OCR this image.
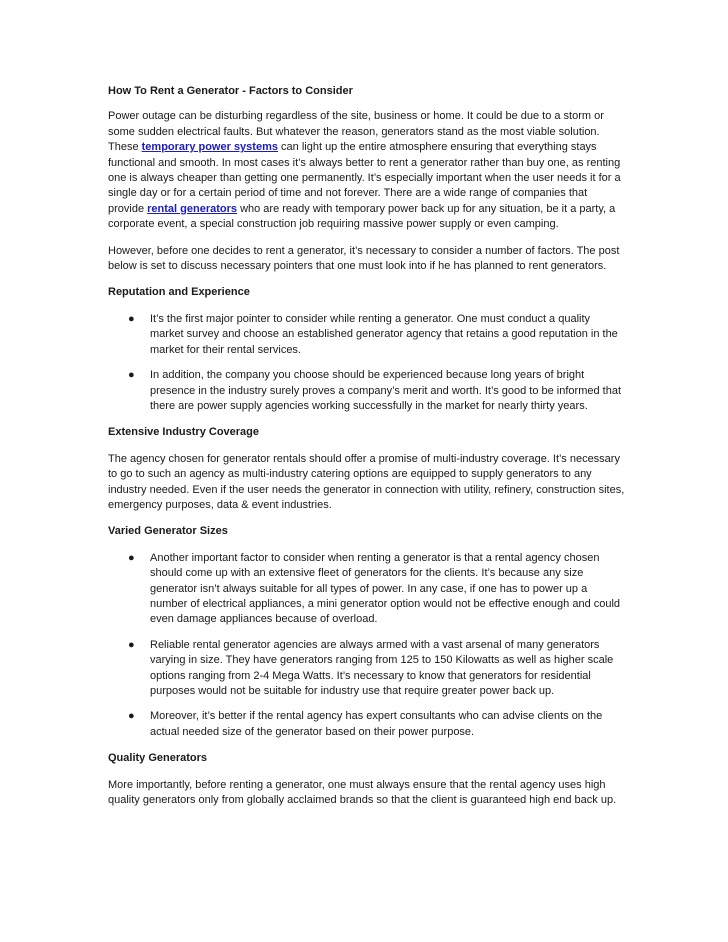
How To Rent a Generator - Factors to Consider

Power outage can be disturbing regardless of the site, business or home. It could be due to a storm or some sudden electrical faults. But whatever the reason, generators stand as the most viable solution. These temporary power systems can light up the entire atmosphere ensuring that everything stays functional and smooth. In most cases it’s always better to rent a generator rather than buy one, as renting one is always cheaper than getting one permanently. It’s especially important when the user needs it for a single day or for a certain period of time and not forever. There are a wide range of companies that provide rental generators who are ready with temporary power back up for any situation, be it a party, a corporate event, a special construction job requiring massive power supply or even camping.

However, before one decides to rent a generator, it’s necessary to consider a number of factors. The post below is set to discuss necessary pointers that one must look into if he has planned to rent generators.

Reputation and Experience
● It’s the first major pointer to consider while renting a generator. One must conduct a quality market survey and choose an established generator agency that retains a good reputation in the market for their rental services.
● In addition, the company you choose should be experienced because long years of bright presence in the industry surely proves a company’s merit and worth. It’s good to be informed that there are power supply agencies working successfully in the market for nearly thirty years.
Extensive Industry Coverage

The agency chosen for generator rentals should offer a promise of multi-industry coverage. It’s necessary to go to such an agency as multi-industry catering options are equipped to supply generators to any industry needed. Even if the user needs the generator in connection with utility, refinery, construction sites, emergency purposes, data & event industries.

Varied Generator Sizes
● Another important factor to consider when renting a generator is that a rental agency chosen should come up with an extensive fleet of generators for the clients. It’s because any size generator isn’t always suitable for all types of power. In any case, if one has to power up a number of electrical appliances, a mini generator option would not be effective enough and could even damage appliances because of overload.
● Reliable rental generator agencies are always armed with a vast arsenal of many generators varying in size. They have generators ranging from 125 to 150 Kilowatts as well as higher scale options ranging from 2-4 Mega Watts. It’s necessary to know that generators for residential purposes would not be suitable for industry use that require greater power back up.
● Moreover, it’s better if the rental agency has expert consultants who can advise clients on the actual needed size of the generator based on their power purpose.
Quality Generators

More importantly, before renting a generator, one must always ensure that the rental agency uses high quality generators only from globally acclaimed brands so that the client is guaranteed high end back up.
